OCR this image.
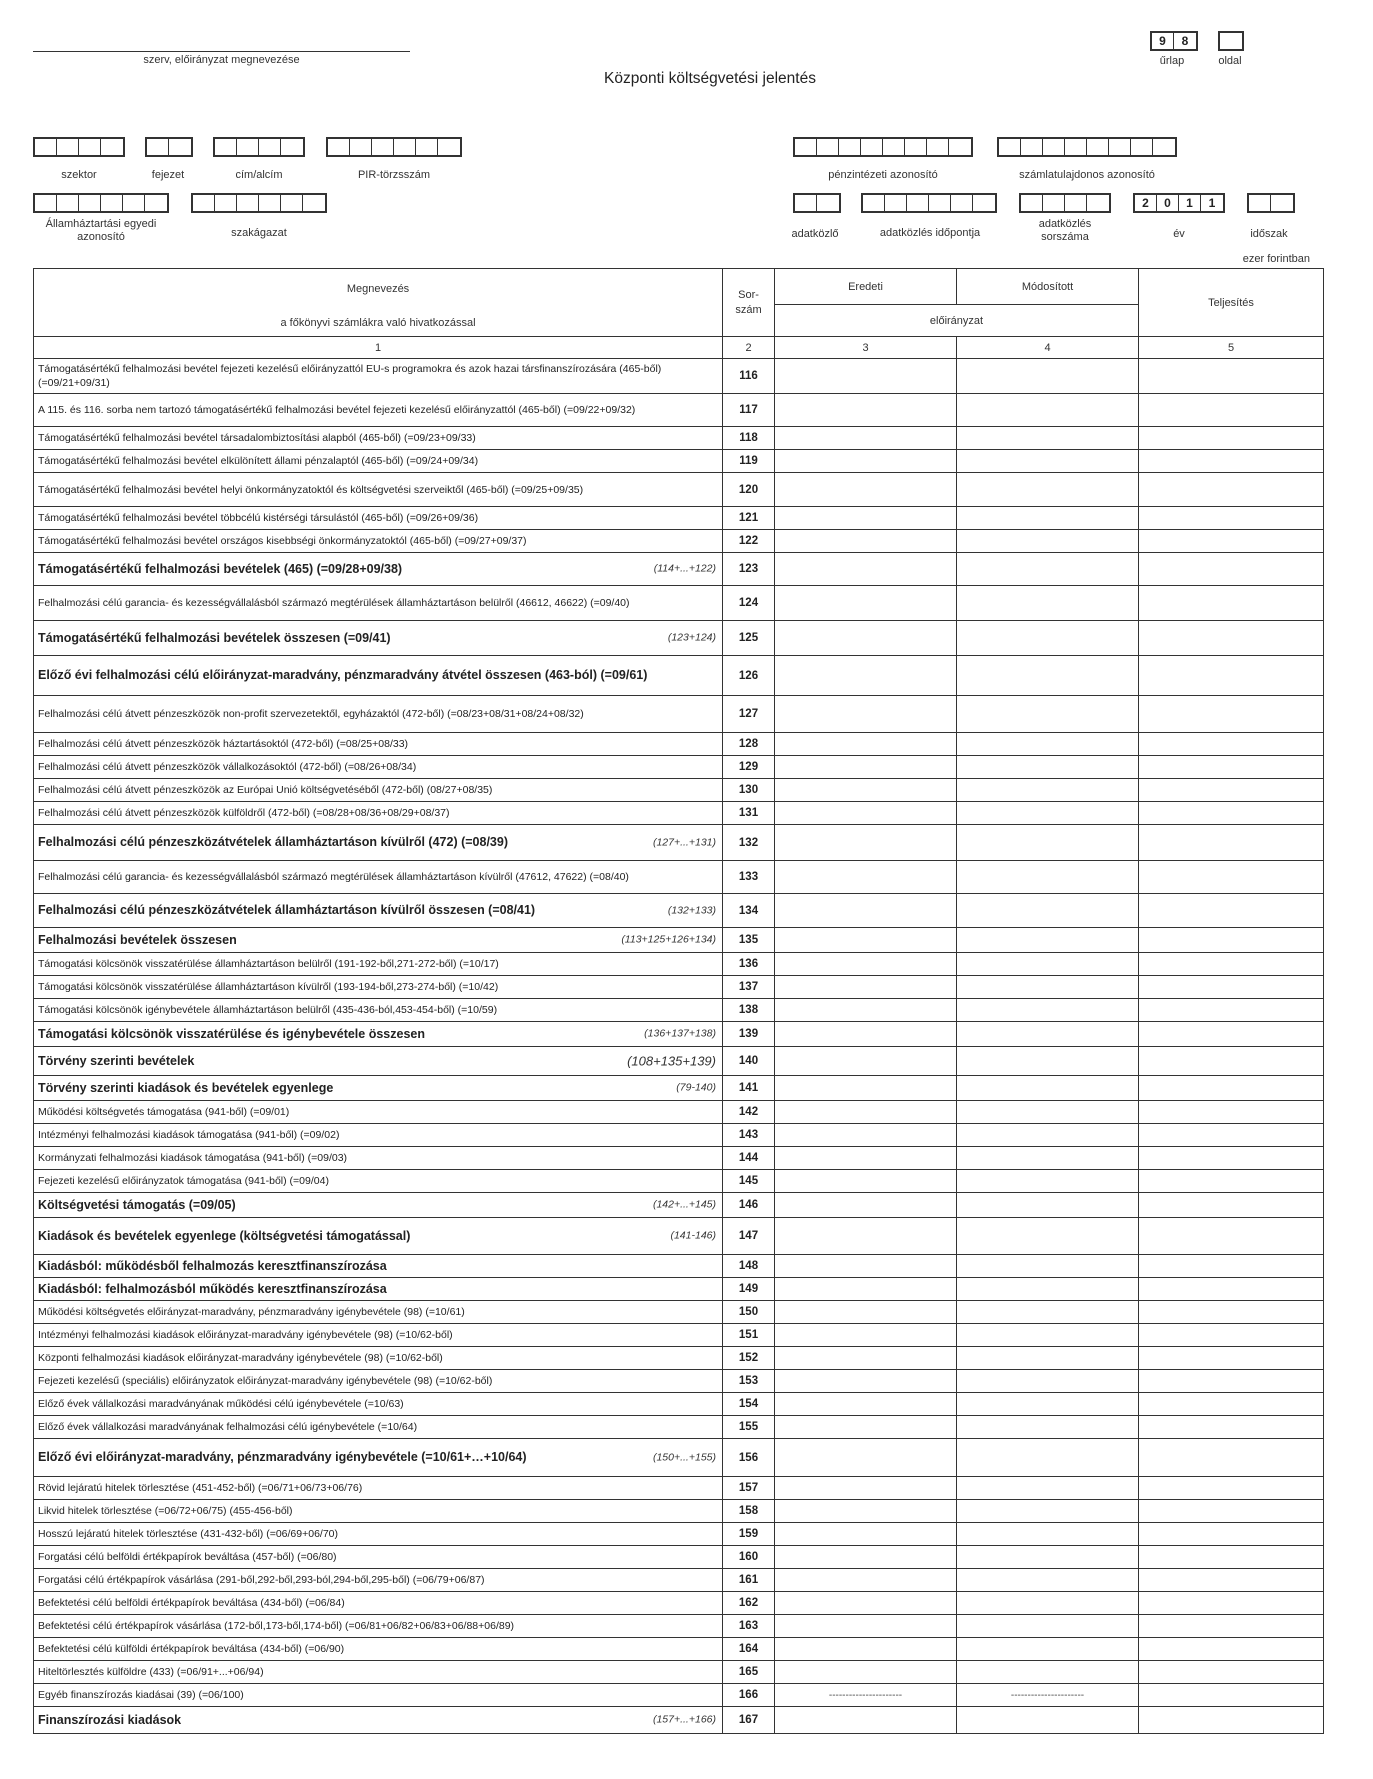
szerv, előirányzat megnevezése
Központi költségvetési jelentés
9	8
űrlap	oldal
szektor	fejezet	cím/alcím	PIR-törzsszám	pénzintézeti azonosító	számlatulajdonos azonosító
Államháztartási egyedi azonosító	szakágazat	adatközlő	adatközlés időpontja
adatközlés sorszáma
2	0	1	1
év	időszak
ezer forintban
Megnevezés
a főkönyvi számlákra való hivatkozással	Sor-szám	Eredeti	Módosított	Teljesítés
		előirányzat		
1	2	3	4	5
Támogatásértékű felhalmozási bevétel fejezeti kezelésű előirányzattól EU-s programokra és azok hazai társfinanszírozására (465-ből) (=09/21+09/31)	116			
A 115. és 116. sorba nem tartozó támogatásértékű felhalmozási bevétel fejezeti kezelésű előirányzattól (465-ből) (=09/22+09/32)	117			
Támogatásértékű felhalmozási bevétel társadalombiztosítási alapból (465-ből) (=09/23+09/33)	118			
Támogatásértékű felhalmozási bevétel elkülönített állami pénzalaptól (465-ből) (=09/24+09/34)	119			
Támogatásértékű felhalmozási bevétel helyi önkormányzatoktól és költségvetési szerveiktől (465-ből) (=09/25+09/35)	120			
Támogatásértékű felhalmozási bevétel többcélú kistérségi társulástól (465-ből) (=09/26+09/36)	121			
Támogatásértékű felhalmozási bevétel országos kisebbségi önkormányzatoktól (465-ből) (=09/27+09/37)	122			
Támogatásértékű felhalmozási bevételek (465) (=09/28+09/38) (114+...+122)	123			
Felhalmozási célú garancia- és kezességvállalásból származó megtérülések államháztartáson belülről (46612, 46622) (=09/40)	124			
Támogatásértékű felhalmozási bevételek összesen (=09/41) (123+124)	125			
Előző évi felhalmozási célú előirányzat-maradvány, pénzmaradvány átvétel összesen (463-ból) (=09/61)	126			
Felhalmozási célú átvett pénzeszközök non-profit szervezetektől, egyházaktól (472-ből) (=08/23+08/31+08/24+08/32)	127			
Felhalmozási célú átvett pénzeszközök háztartásoktól (472-ből) (=08/25+08/33)	128			
Felhalmozási célú átvett pénzeszközök vállalkozásoktól (472-ből) (=08/26+08/34)	129			
Felhalmozási célú átvett pénzeszközök az Európai Unió költségvetéséből (472-ből) (08/27+08/35)	130			
Felhalmozási célú átvett pénzeszközök külföldről (472-ből) (=08/28+08/36+08/29+08/37)	131			
Felhalmozási célú pénzeszközátvételek államháztartáson kívülről (472) (=08/39) (127+...+131)	132			
Felhalmozási célú garancia- és kezességvállalásból származó megtérülések államháztartáson kívülről (47612, 47622) (=08/40)	133			
Felhalmozási célú pénzeszközátvételek államháztartáson kívülről összesen (=08/41) (132+133)	134			
Felhalmozási bevételek összesen (113+125+126+134)	135			
Támogatási kölcsönök visszatérülése államháztartáson belülről (191-192-ből,271-272-ből) (=10/17)	136			
Támogatási kölcsönök visszatérülése államháztartáson kívülről (193-194-ből,273-274-ből) (=10/42)	137			
Támogatási kölcsönök igénybevétele államháztartáson belülről (435-436-ból,453-454-ből) (=10/59)	138			
Támogatási kölcsönök visszatérülése és igénybevétele összesen (136+137+138)	139			
Törvény szerinti bevételek (108+135+139)	140			
Törvény szerinti kiadások és bevételek egyenlege (79-140)	141			
Működési költségvetés támogatása (941-ből) (=09/01)	142			
Intézményi felhalmozási kiadások támogatása (941-ből) (=09/02)	143			
Kormányzati felhalmozási kiadások támogatása (941-ből) (=09/03)	144			
Fejezeti kezelésű előirányzatok támogatása (941-ből) (=09/04)	145			
Költségvetési támogatás (=09/05) (142+...+145)	146			
Kiadások és bevételek egyenlege (költségvetési támogatással) (141-146)	147			
Kiadásból: működésből felhalmozás keresztfinanszírozása	148			
Kiadásból: felhalmozásból működés keresztfinanszírozása	149			
Működési költségvetés előirányzat-maradvány, pénzmaradvány igénybevétele (98) (=10/61)	150			
Intézményi felhalmozási kiadások előirányzat-maradvány igénybevétele (98) (=10/62-ből)	151			
Központi felhalmozási kiadások előirányzat-maradvány igénybevétele (98) (=10/62-ből)	152			
Fejezeti kezelésű (speciális) előirányzatok előirányzat-maradvány igénybevétele (98) (=10/62-ből)	153			
Előző évek vállalkozási maradványának működési célú igénybevétele (=10/63)	154			
Előző évek vállalkozási maradványának felhalmozási célú igénybevétele (=10/64)	155			
Előző évi előirányzat-maradvány, pénzmaradvány igénybevétele (=10/61+…+10/64) (150+...+155)	156			
Rövid lejáratú hitelek törlesztése (451-452-ből) (=06/71+06/73+06/76)	157			
Likvid hitelek törlesztése (=06/72+06/75) (455-456-ből)	158			
Hosszú lejáratú hitelek törlesztése (431-432-ből) (=06/69+06/70)	159			
Forgatási célú belföldi értékpapírok beváltása (457-ből) (=06/80)	160			
Forgatási célú értékpapírok vásárlása (291-ből,292-ből,293-ból,294-ből,295-ből) (=06/79+06/87)	161			
Befektetési célú belföldi értékpapírok beváltása (434-ből) (=06/84)	162			
Befektetési célú értékpapírok vásárlása (172-ből,173-ből,174-ből) (=06/81+06/82+06/83+06/88+06/89)	163			
Befektetési célú külföldi értékpapírok beváltása (434-ből) (=06/90)	164			
Hiteltörlesztés külföldre (433) (=06/91+...+06/94)	165			
Egyéb finanszírozás kiadásai (39) (=06/100)	166	----------------------	----------------------	
Finanszírozási kiadások (157+...+166)	167			
